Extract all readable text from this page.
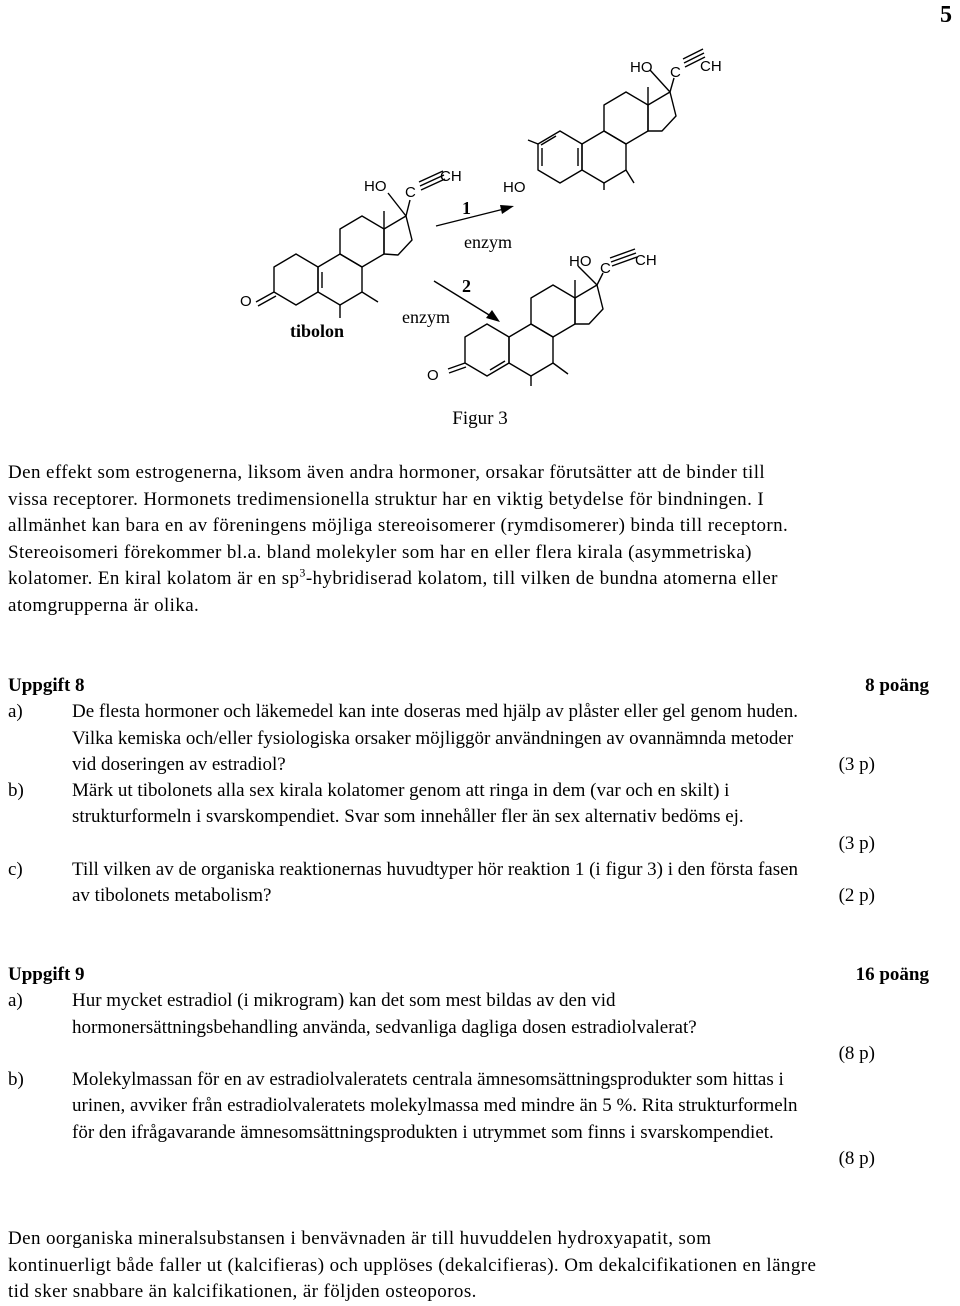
5
HO C
CH
O
tibolon
HO C CH
HO
HO C CH
O
1
enzym
2
enzym
Figur 3
Den effekt som estrogenerna, liksom även andra hormoner, orsakar förutsätter att de binder till
vissa receptorer. Hormonets tredimensionella struktur har en viktig betydelse för bindningen. I
allmänhet kan bara en av föreningens möjliga stereoisomerer (rymdisomerer) binda till receptorn.
Stereoisomeri förekommer bl.a. bland molekyler som har en eller flera kirala (asymmetriska)
kolatomer. En kiral kolatom är en $sp^3$-hybridiserad kolatom, till vilken de bundna atomerna eller
atomgrupperna är olika.
Uppgift 8	8 poäng
a)	De flesta hormoner och läkemedel kan inte doseras med hjälp av plåster eller gel genom huden.
Vilka kemiska och/eller fysiologiska orsaker möjliggör användningen av ovannämnda metoder
vid doseringen av estradiol?	(3 p)
b)	Märk ut tibolonets alla sex kirala kolatomer genom att ringa in dem (var och en skilt) i
strukturformeln i svarskompendiet. Svar som innehåller fler än sex alternativ bedöms ej.
(3 p)
c)	Till vilken av de organiska reaktionernas huvudtyper hör reaktion 1 (i figur 3) i den första fasen
av tibolonets metabolism?	(2 p)
Uppgift 9	16 poäng
a)	Hur mycket estradiol (i mikrogram) kan det som mest bildas av den vid
hormonersättningsbehandling använda, sedvanliga dagliga dosen estradiolvalerat?
(8 p)
b)	Molekylmassan för en av estradiolvaleratets centrala ämnesomsättningsprodukter som hittas i
urinen, avviker från estradiolvaleratets molekylmassa med mindre än 5 %. Rita strukturformeln
för den ifrågavarande ämnesomsättningsprodukten i utrymmet som finns i svarskompendiet.
(8 p)
Den oorganiska mineralsubstansen i benvävnaden är till huvuddelen hydroxyapatit, som
kontinuerligt både faller ut (kalcifieras) och upplöses (dekalcifieras). Om dekalcifikationen en längre
tid sker snabbare än kalcifikationen, är följden osteoporos.
